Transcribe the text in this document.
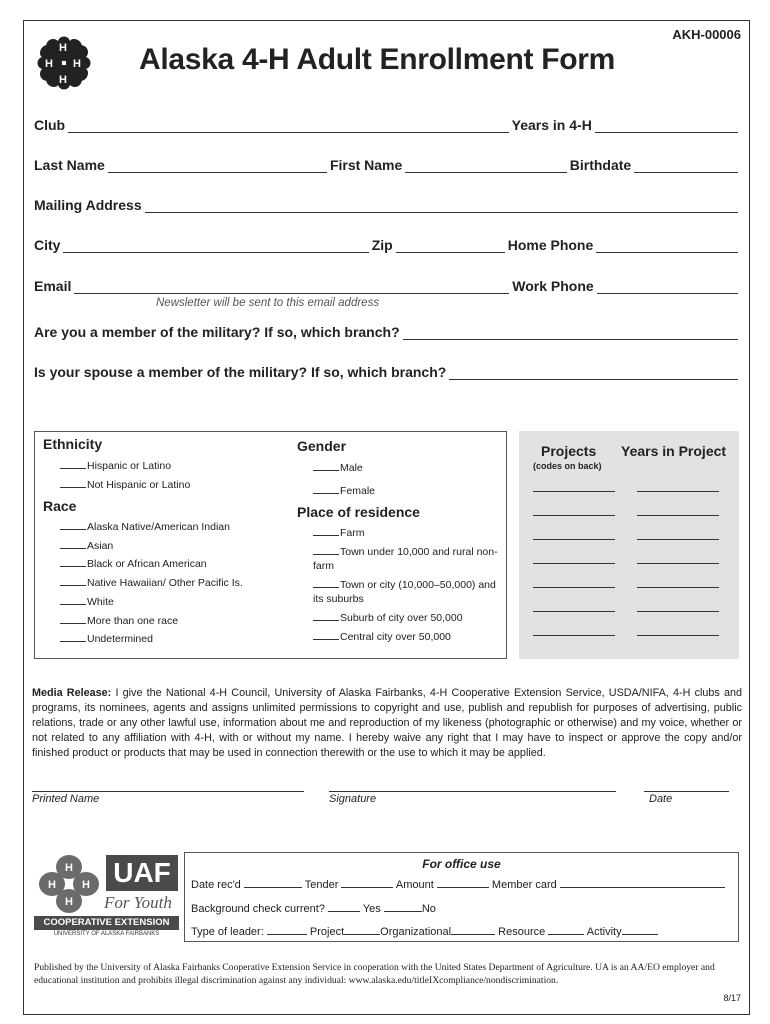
H
H
H
H
AKH-00006
Alaska 4-H Adult Enrollment Form
Club	Years in 4-H
Last Name	First Name	Birthdate
Mailing Address
City	Zip	Home Phone
Email	Work Phone
Newsletter will be sent to this email address
Are you a member of the military? If so, which branch?
Is your spouse a member of the military? If so, which branch?
Ethnicity
Hispanic or Latino
Not Hispanic or Latino
Race
Alaska Native/American Indian
Asian
Black or African American
Native Hawaiian/ Other Pacific Is.
White
More than one race
Undetermined
Gender
Male
Female
Place of residence
Farm
Town under 10,000 and rural non-farm
Town or city (10,000–50,000) and its suburbs
Suburb of city over 50,000
Central city over 50,000
Projects
(codes on back)
Years in Project
Media Release: I give the National 4-H Council, University of Alaska Fairbanks, 4-H Cooperative Extension Service, USDA/NIFA, 4-H clubs and programs, its nominees, agents and assigns unlimited permissions to copyright and use, publish and republish for purposes of advertising, public relations, trade or any other lawful use, information about me and reproduction of my likeness (photographic or otherwise) and my voice, whether or not related to any affiliation with 4-H, with or without my name. I hereby waive any right that I may have to inspect or approve the copy and/or finished product or products that may be used in connection therewith or the use to which it may be applied.
Printed Name	Signature	Date
H
H
H
H UAF
For Youth
COOPERATIVE EXTENSION
UNIVERSITY OF ALASKA FAIRBANKS
For office use
Date rec'd	Tender	Amount	Member card
Background check current?	Yes	No
Type of leader:	Project	Organizational	Resource	Activity
Published by the University of Alaska Fairbanks Cooperative Extension Service in cooperation with the United States Department of Agriculture. UA is an AA/EO employer and educational institution and prohibits illegal discrimination against any individual: www.alaska.edu/titleIXcompliance/nondiscrimination.
8/17
